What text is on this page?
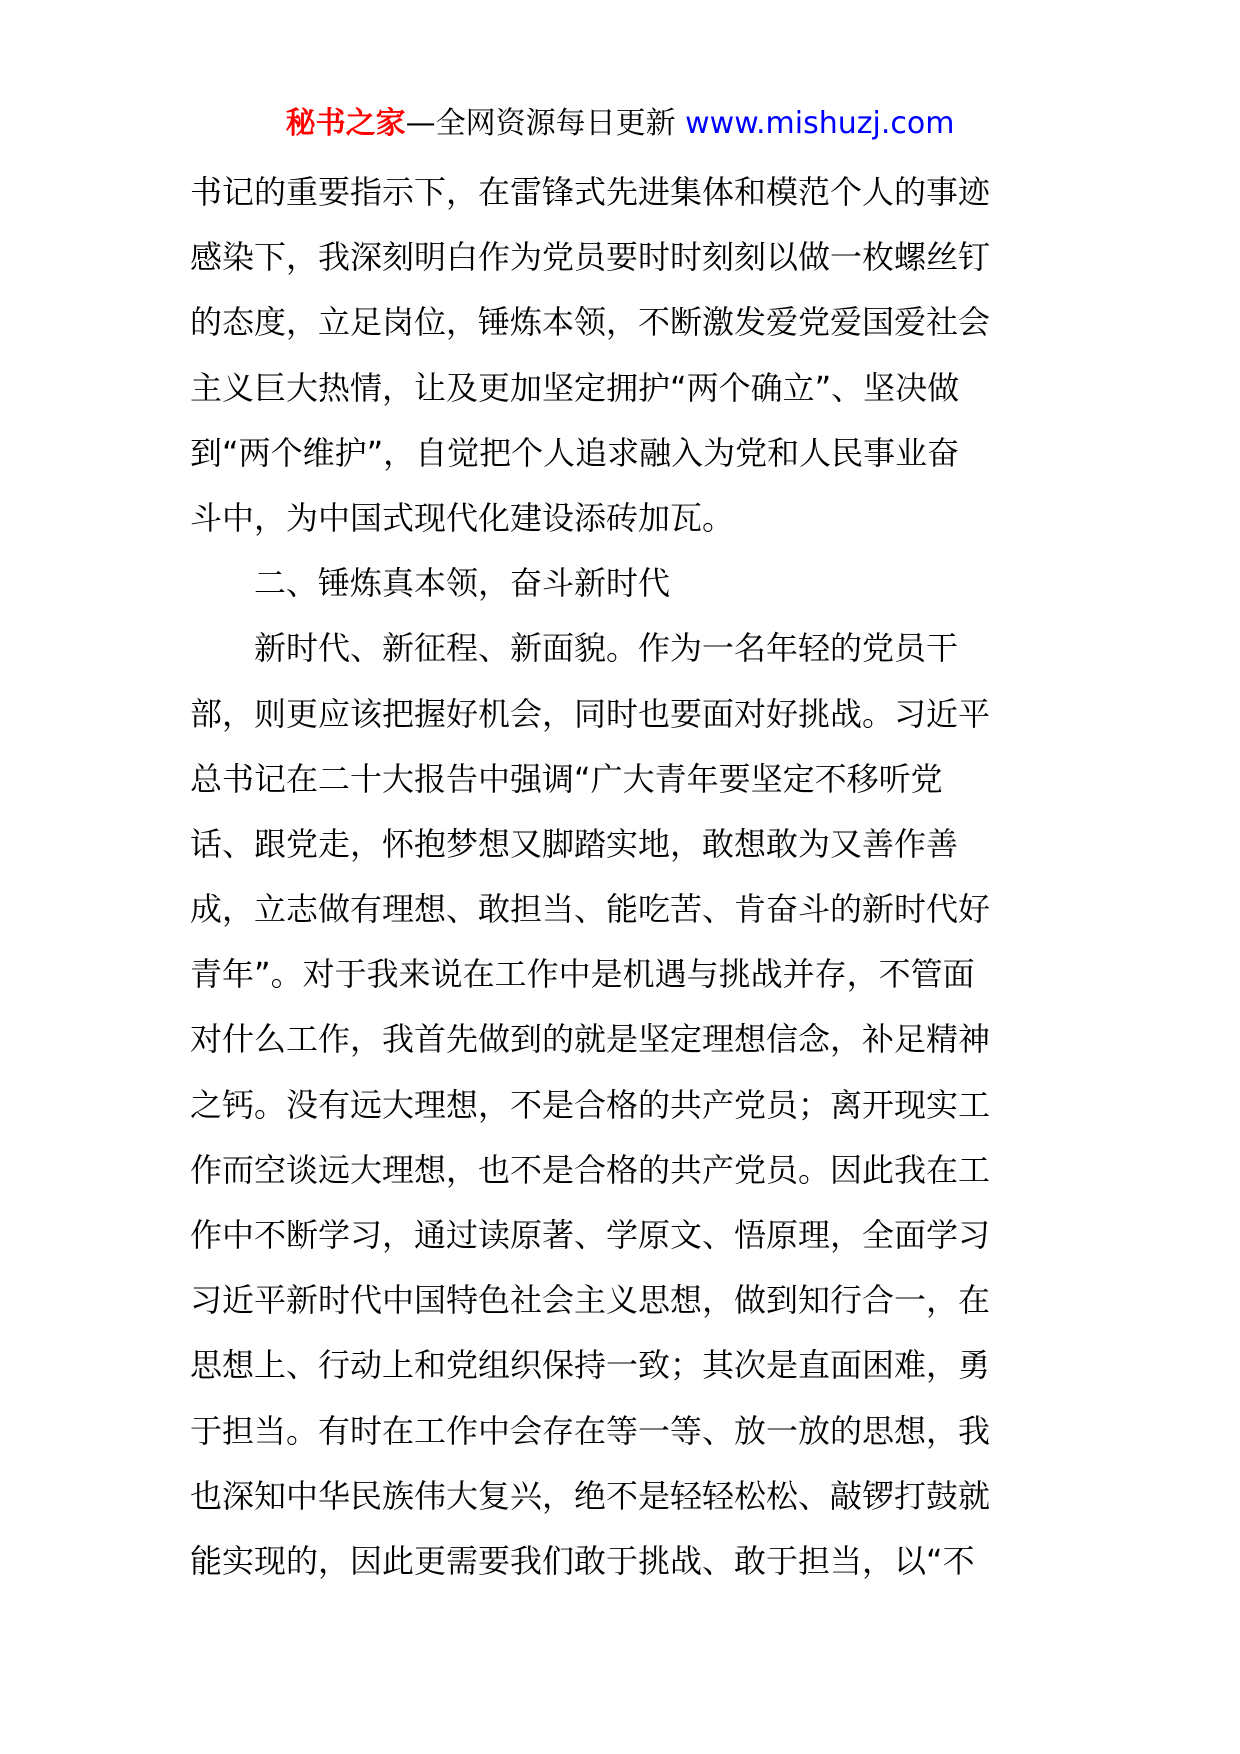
秘书之家—全网资源每日更新 www.mishuzj.com
书记的重要指示下，在雷锋式先进集体和模范个人的事迹
感染下，我深刻明白作为党员要时时刻刻以做一枚螺丝钉
的态度，立足岗位，锤炼本领，不断激发爱党爱国爱社会
主义巨大热情，让及更加坚定拥护“两个确立”、坚决做
到“两个维护”，自觉把个人追求融入为党和人民事业奋
斗中，为中国式现代化建设添砖加瓦。
　　二、锤炼真本领，奋斗新时代
　　新时代、新征程、新面貌。作为一名年轻的党员干
部，则更应该把握好机会，同时也要面对好挑战。习近平
总书记在二十大报告中强调“广大青年要坚定不移听党
话、跟党走，怀抱梦想又脚踏实地，敢想敢为又善作善
成，立志做有理想、敢担当、能吃苦、肯奋斗的新时代好
青年”。对于我来说在工作中是机遇与挑战并存，不管面
对什么工作，我首先做到的就是坚定理想信念，补足精神
之钙。没有远大理想，不是合格的共产党员；离开现实工
作而空谈远大理想，也不是合格的共产党员。因此我在工
作中不断学习，通过读原著、学原文、悟原理，全面学习
习近平新时代中国特色社会主义思想，做到知行合一，在
思想上、行动上和党组织保持一致；其次是直面困难，勇
于担当。有时在工作中会存在等一等、放一放的思想，我
也深知中华民族伟大复兴，绝不是轻轻松松、敲锣打鼓就
能实现的，因此更需要我们敢于挑战、敢于担当，以“不
